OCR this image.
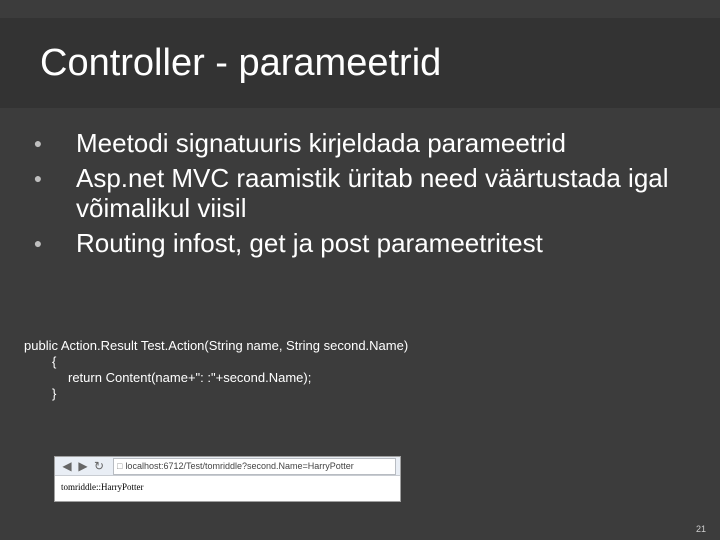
Controller - parameetrid
● Meetodi signatuuris kirjeldada parameetrid
● Asp.net MVC raamistik üritab need väärtustada igal võimalikul viisil
● Routing infost, get ja post parameetritest
public Action.Result Test.Action(String name, String second.Name)
{
return Content(name+": :"+second.Name);
}
◀ ▶ ↻	□ localhost:6712/Test/tomriddle?second.Name=HarryPotter
tomriddle::HarryPotter
21
